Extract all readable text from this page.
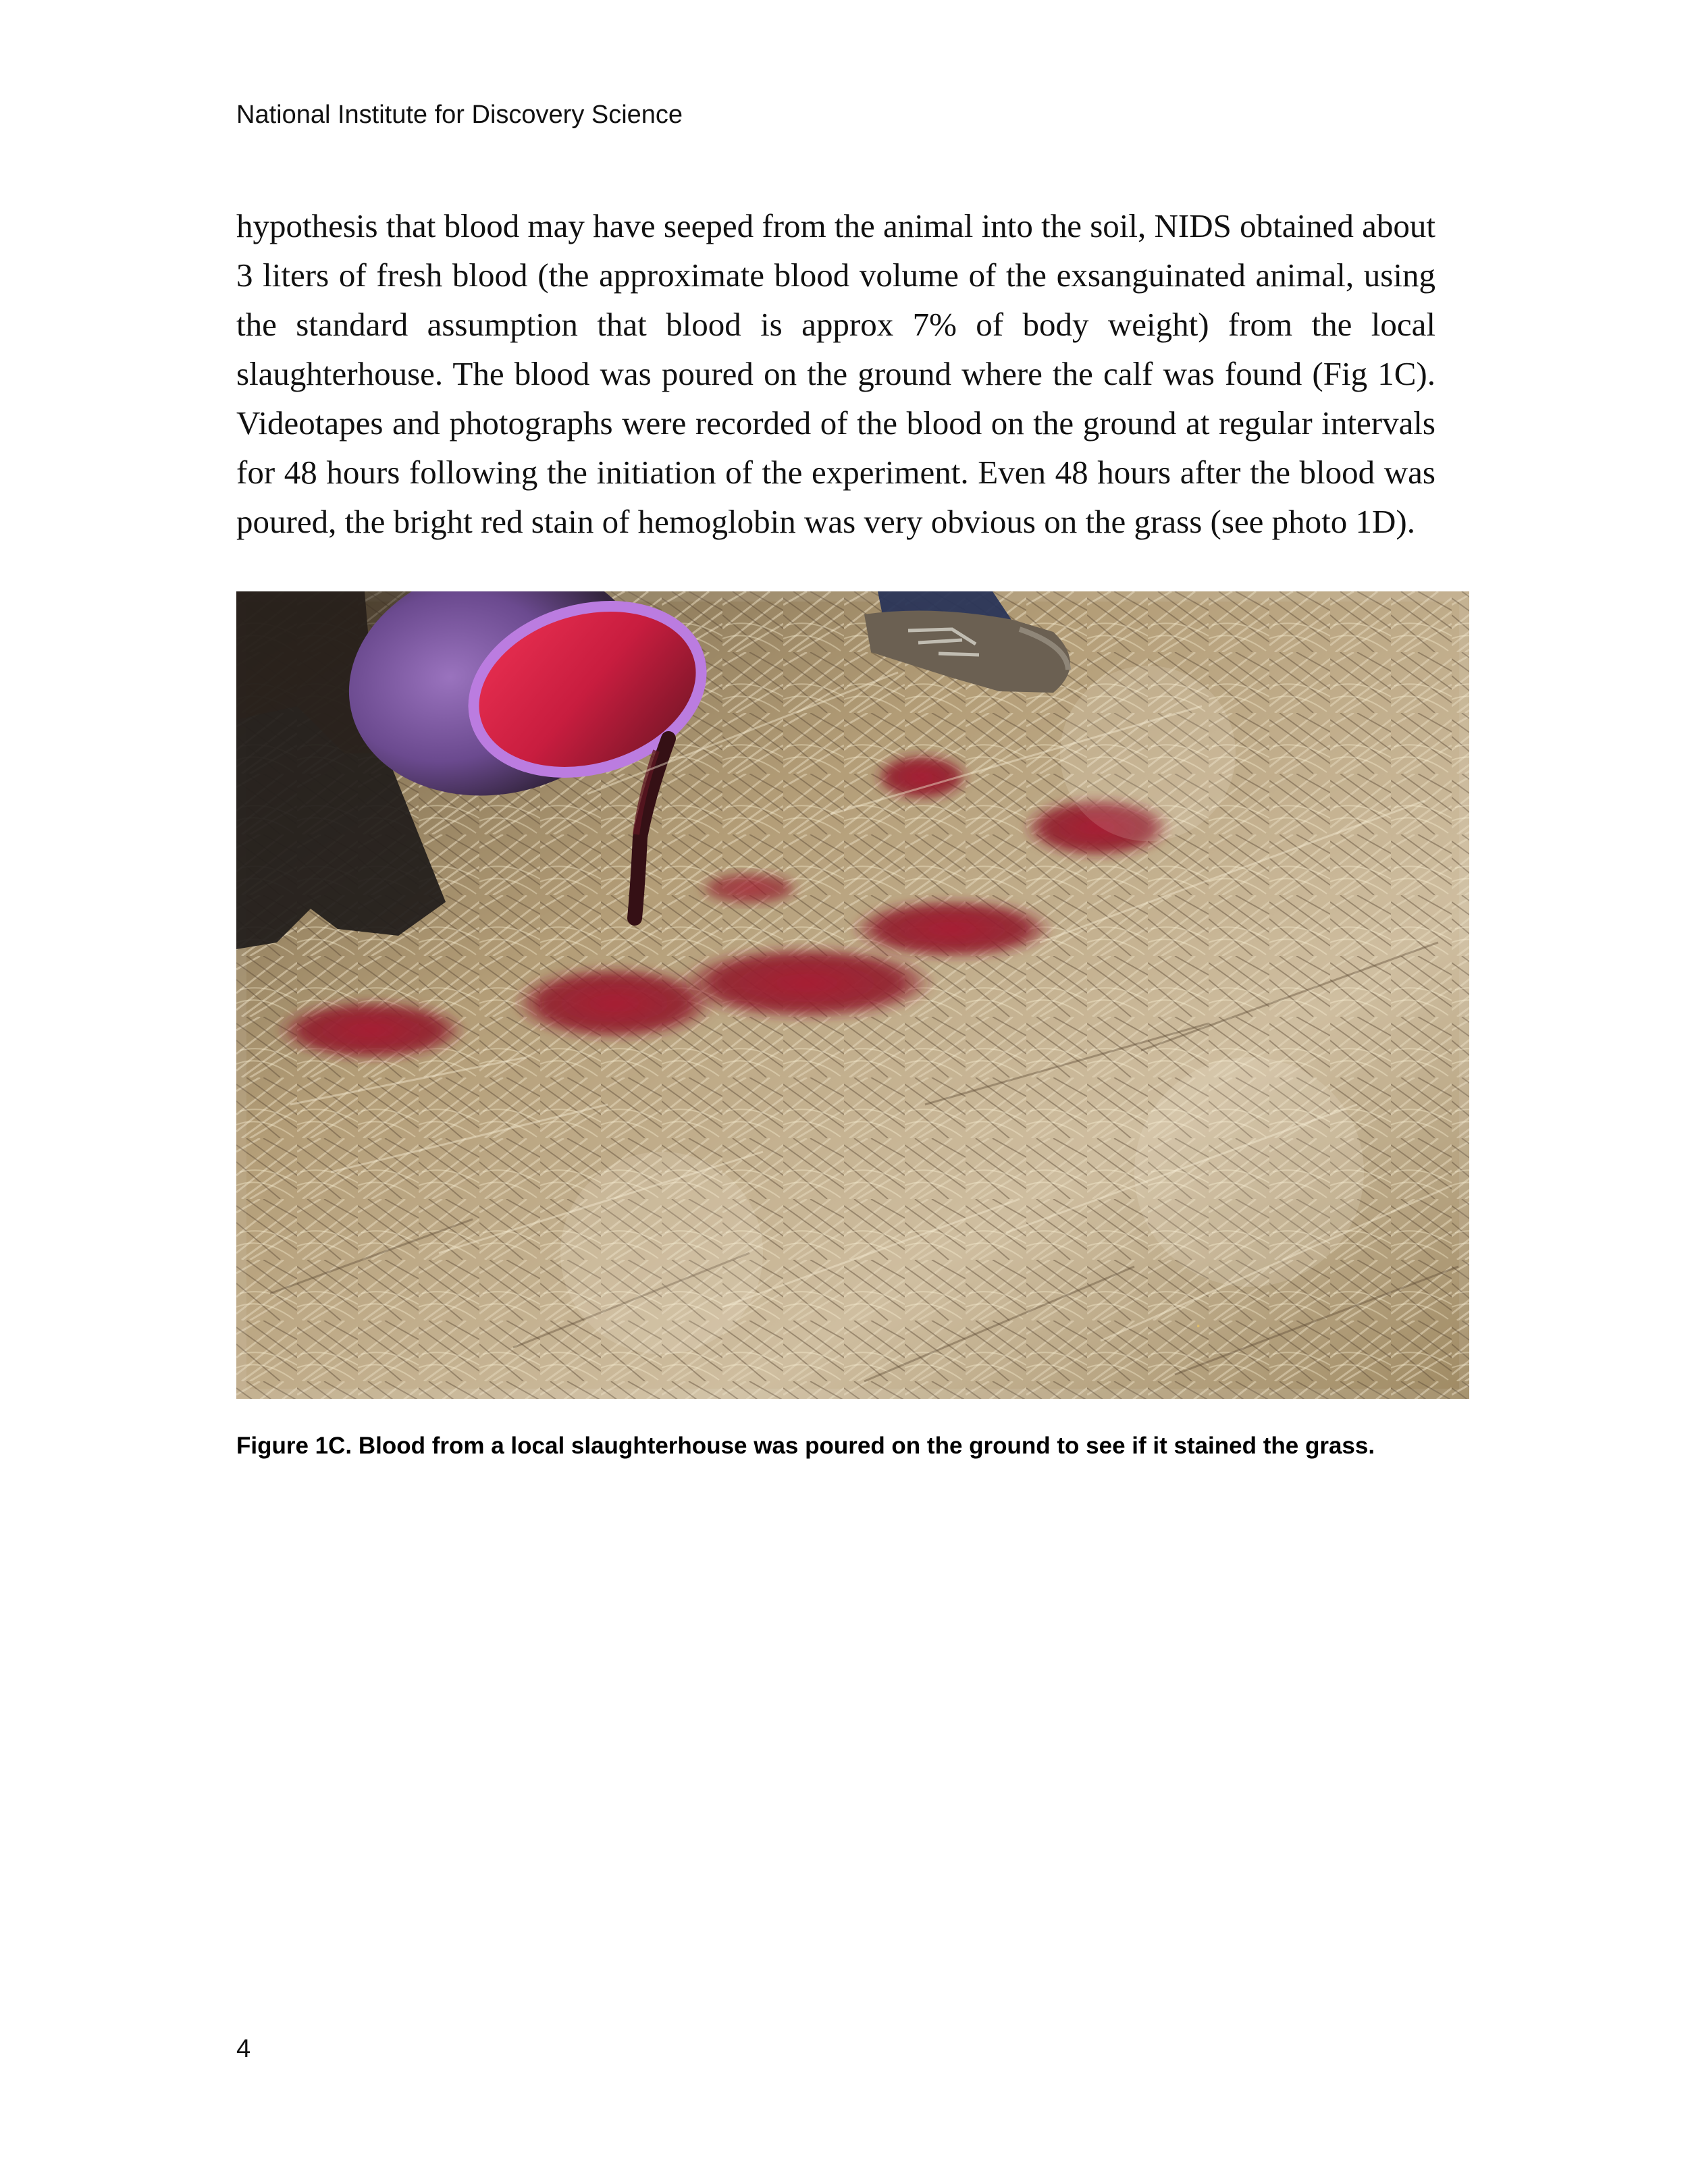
National Institute for Discovery Science

hypothesis that blood may have seeped from the animal into the soil, NIDS obtained about 3 liters of fresh blood (the approximate blood volume of the exsanguinated animal, using the standard assumption that blood is approx 7% of body weight) from the local slaughterhouse. The blood was poured on the ground where the calf was found (Fig 1C). Videotapes and photographs were recorded of the blood on the ground at regular intervals for 48 hours following the initiation of the experiment. Even 48 hours after the blood was poured, the bright red stain of hemoglobin was very obvious on the grass (see photo 1D).

.

Figure 1C. Blood from a local slaughterhouse was poured on the ground to see if it stained the grass.

4
